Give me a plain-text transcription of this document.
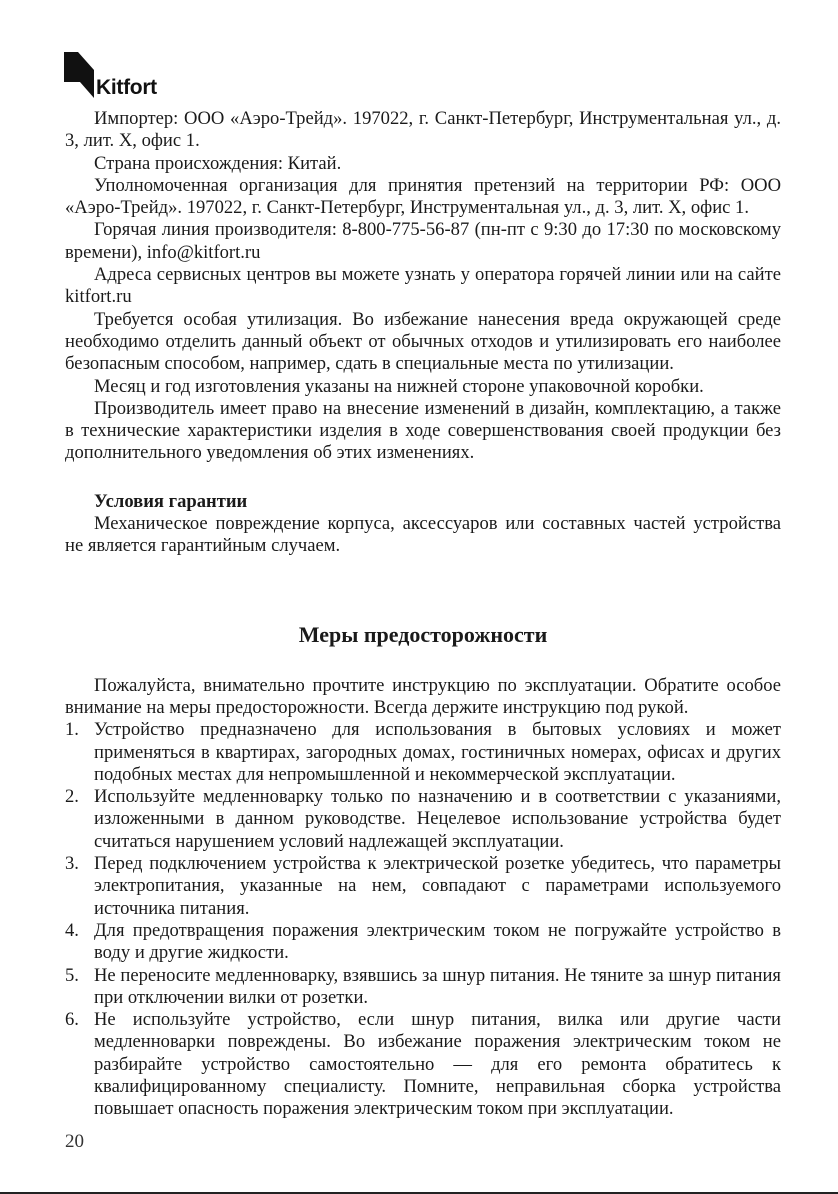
Kitfort

Импортер: ООО «Аэро-Трейд». 197022, г. Санкт-Петербург, Инструментальная ул., д. 3, лит. Х, офис 1.

Страна происхождения: Китай.

Уполномоченная организация для принятия претензий на территории РФ: ООО «Аэро-Трейд». 197022, г. Санкт-Петербург, Инструментальная ул., д. 3, лит. Х, офис 1.

Горячая линия производителя: 8-800-775-56-87 (пн-пт с 9:30 до 17:30 по московскому времени), info@kitfort.ru

Адреса сервисных центров вы можете узнать у оператора горячей линии или на сайте kitfort.ru

Требуется особая утилизация. Во избежание нанесения вреда окружающей среде необходимо отделить данный объект от обычных отходов и утилизировать его наиболее безопасным способом, например, сдать в специальные места по утилизации.

Месяц и год изготовления указаны на нижней стороне упаковочной коробки.

Производитель имеет право на внесение изменений в дизайн, комплектацию, а также в технические характеристики изделия в ходе совершенствования своей продукции без дополнительного уведомления об этих изменениях.

Условия гарантии

Механическое повреждение корпуса, аксессуаров или составных частей устройства не является гарантийным случаем.

Меры предосторожности

Пожалуйста, внимательно прочтите инструкцию по эксплуатации. Обратите особое внимание на меры предосторожности. Всегда держите инструкцию под рукой.

1. Устройство предназначено для использования в бытовых условиях и может применяться в квартирах, загородных домах, гостиничных номерах, офисах и других подобных местах для непромышленной и некоммерческой эксплуатации.
2. Используйте медленноварку только по назначению и в соответствии с указаниями, изложенными в данном руководстве. Нецелевое использование устройства будет считаться нарушением условий надлежащей эксплуатации.
3. Перед подключением устройства к электрической розетке убедитесь, что параметры электропитания, указанные на нем, совпадают с параметрами используемого источника питания.
4. Для предотвращения поражения электрическим током не погружайте устройство в воду и другие жидкости.
5. Не переносите медленноварку, взявшись за шнур питания. Не тяните за шнур питания при отключении вилки от розетки.
6. Не используйте устройство, если шнур питания, вилка или другие части медленноварки повреждены. Во избежание поражения электрическим током не разбирайте устройство самостоятельно — для его ремонта обратитесь к квалифицированному специалисту. Помните, неправильная сборка устройства повышает опасность поражения электрическим током при эксплуатации.
20
